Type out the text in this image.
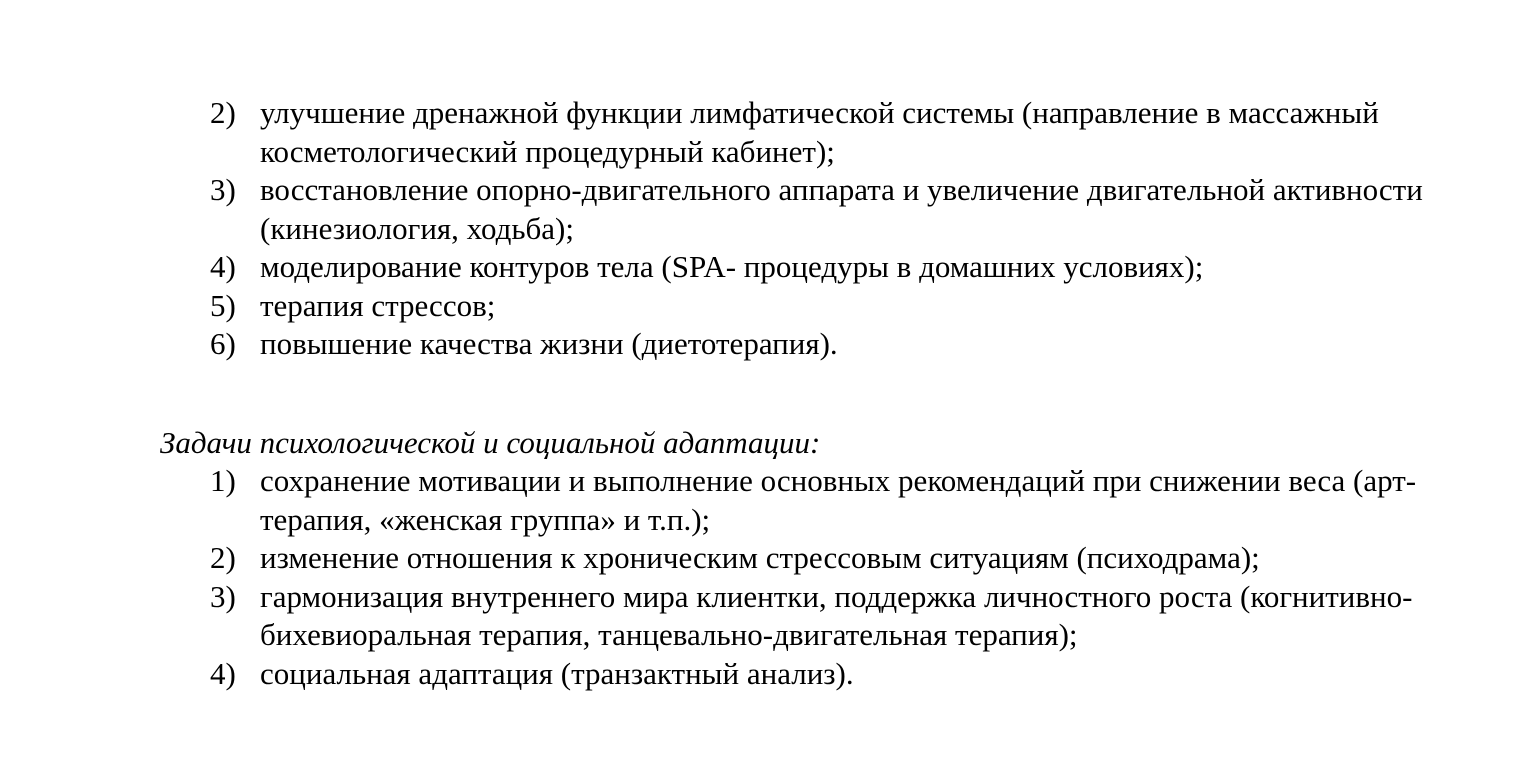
2) улучшение дренажной функции лимфатической системы (направление в массажный косметологический процедурный кабинет);
3) восстановление опорно-двигательного аппарата и увеличение двигательной активности (кинезиология, ходьба);
4) моделирование контуров тела (SPA- процедуры в домашних условиях);
5) терапия стрессов;
6) повышение качества жизни (диетотерапия).
Задачи психологической и социальной адаптации:
1) сохранение мотивации и выполнение основных рекомендаций при снижении веса (арт-терапия, «женская группа» и т.п.);
2) изменение отношения к хроническим стрессовым ситуациям (психодрама);
3) гармонизация внутреннего мира клиентки, поддержка личностного роста (когнитивно-бихевиоральная терапия, танцевально-двигательная терапия);
4) социальная адаптация (транзактный анализ).
